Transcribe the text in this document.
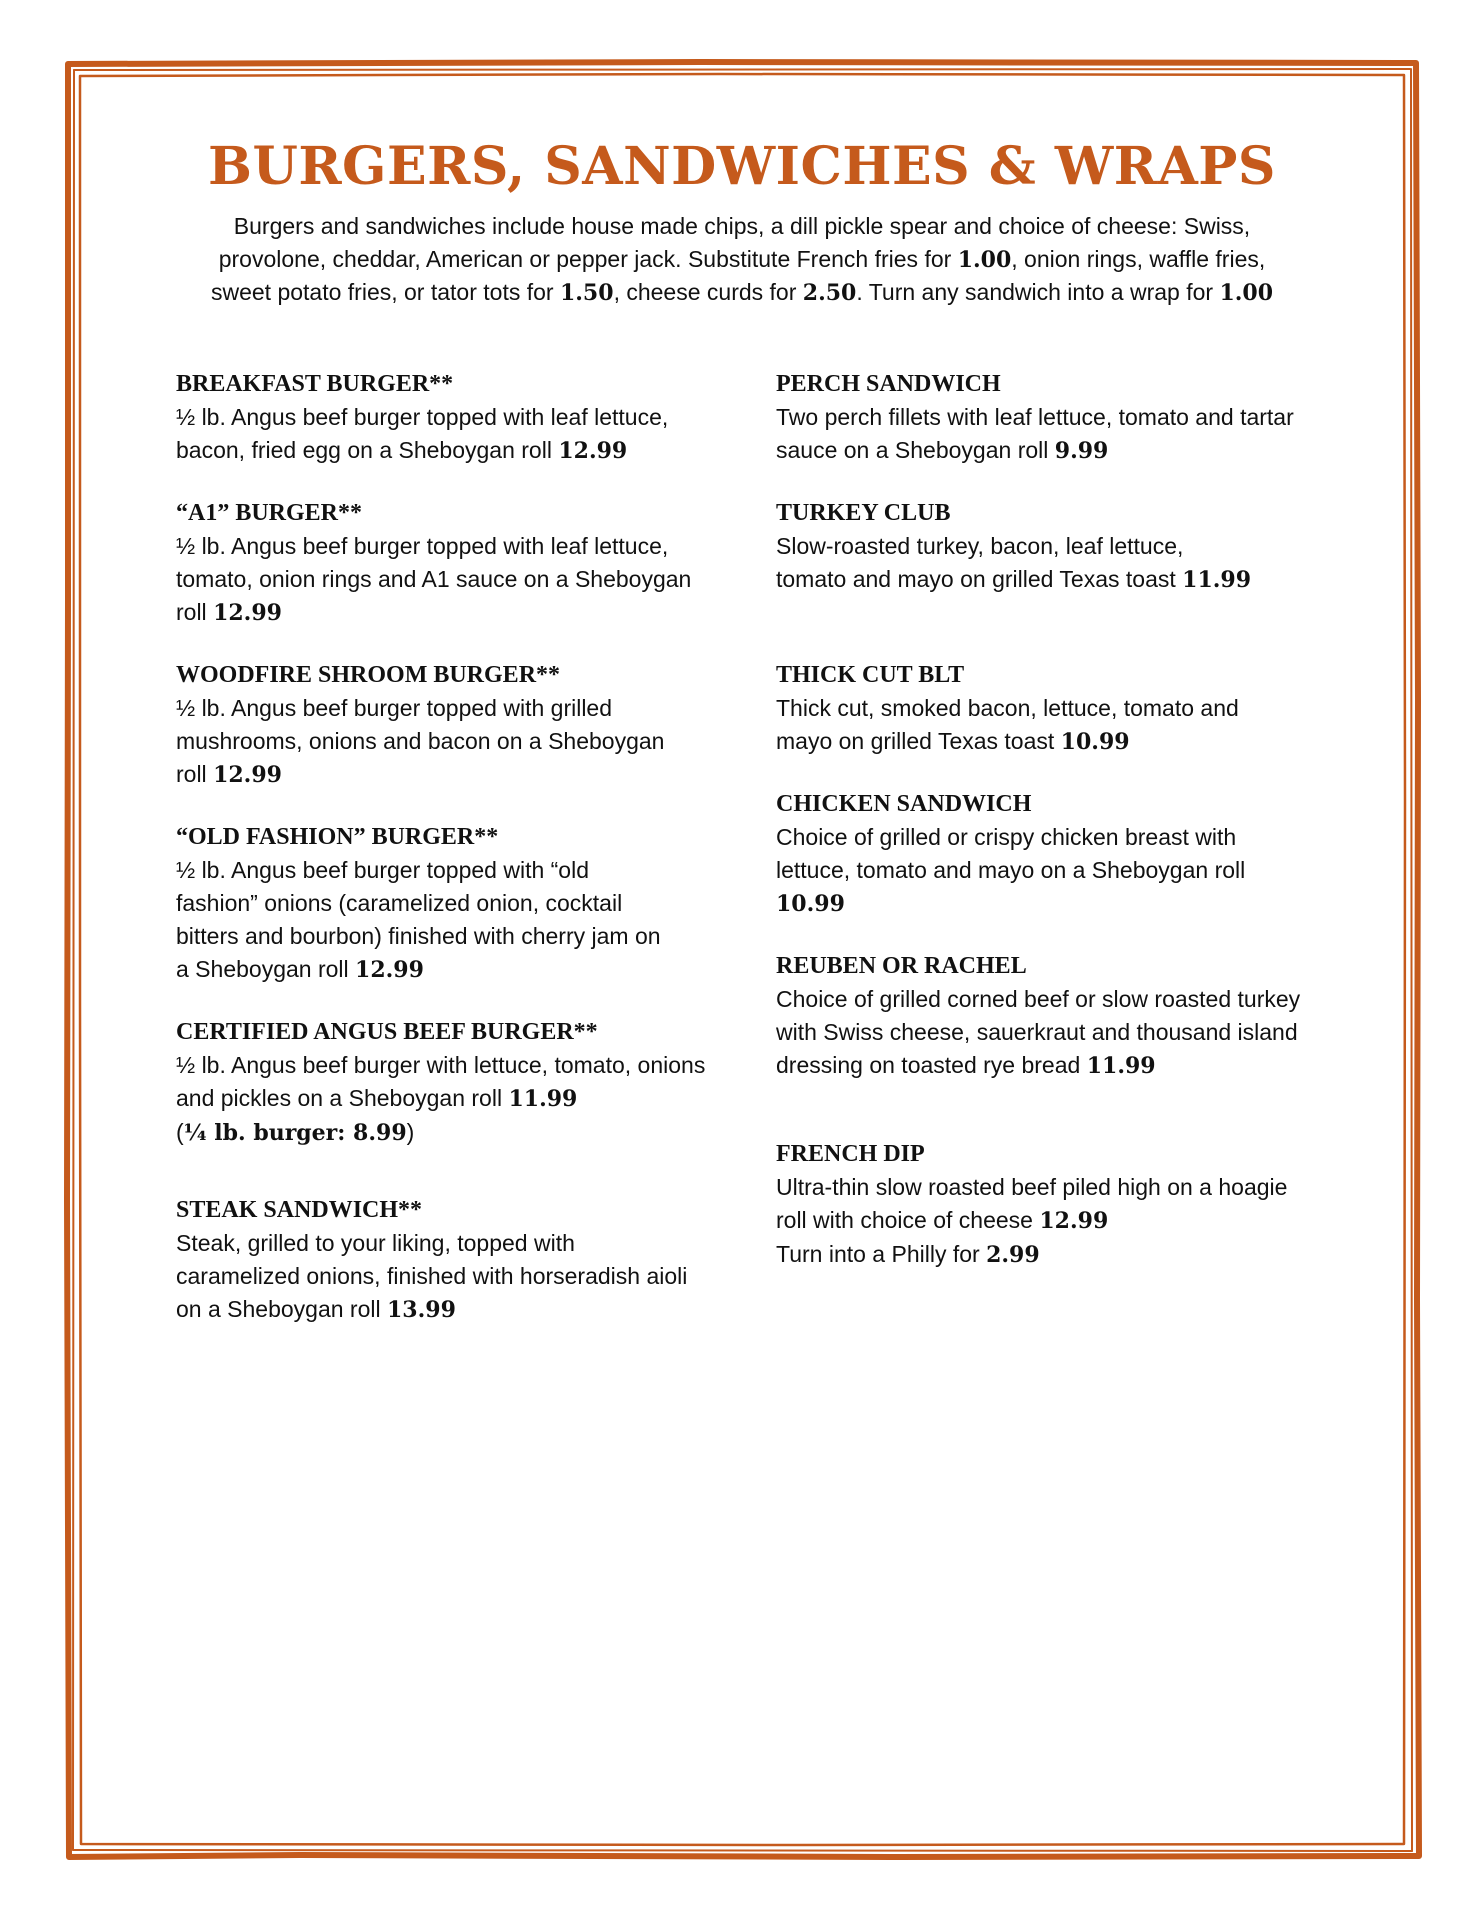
BURGERS, SANDWICHES & WRAPS

Burgers and sandwiches include house made chips, a dill pickle spear and choice of cheese: Swiss, provolone, cheddar, American or pepper jack. Substitute French fries for 1.00, onion rings, waffle fries, sweet potato fries, or tator tots for 1.50, cheese curds for 2.50. Turn any sandwich into a wrap for 1.00

BREAKFAST BURGER**

½ lb. Angus beef burger topped with leaf lettuce, bacon, fried egg on a Sheboygan roll 12.99

“A1” BURGER**

½ lb. Angus beef burger topped with leaf lettuce, tomato, onion rings and A1 sauce on a Sheboygan roll 12.99

WOODFIRE SHROOM BURGER**

½ lb. Angus beef burger topped with grilled mushrooms, onions and bacon on a Sheboygan roll 12.99

“OLD FASHION” BURGER**

½ lb. Angus beef burger topped with “old fashion” onions (caramelized onion, cocktail bitters and bourbon) finished with cherry jam on a Sheboygan roll 12.99

CERTIFIED ANGUS BEEF BURGER**

½ lb. Angus beef burger with lettuce, tomato, onions and pickles on a Sheboygan roll 11.99
(¼ lb. burger: 8.99)

STEAK SANDWICH**

Steak, grilled to your liking, topped with caramelized onions, finished with horseradish aioli on a Sheboygan roll 13.99

PERCH SANDWICH

Two perch fillets with leaf lettuce, tomato and tartar sauce on a Sheboygan roll 9.99

TURKEY CLUB

Slow-roasted turkey, bacon, leaf lettuce, tomato and mayo on grilled Texas toast 11.99

THICK CUT BLT

Thick cut, smoked bacon, lettuce, tomato and mayo on grilled Texas toast 10.99

CHICKEN SANDWICH

Choice of grilled or crispy chicken breast with lettuce, tomato and mayo on a Sheboygan roll 10.99

REUBEN OR RACHEL

Choice of grilled corned beef or slow roasted turkey with Swiss cheese, sauerkraut and thousand island dressing on toasted rye bread 11.99

FRENCH DIP

Ultra-thin slow roasted beef piled high on a hoagie roll with choice of cheese 12.99
Turn into a Philly for 2.99
